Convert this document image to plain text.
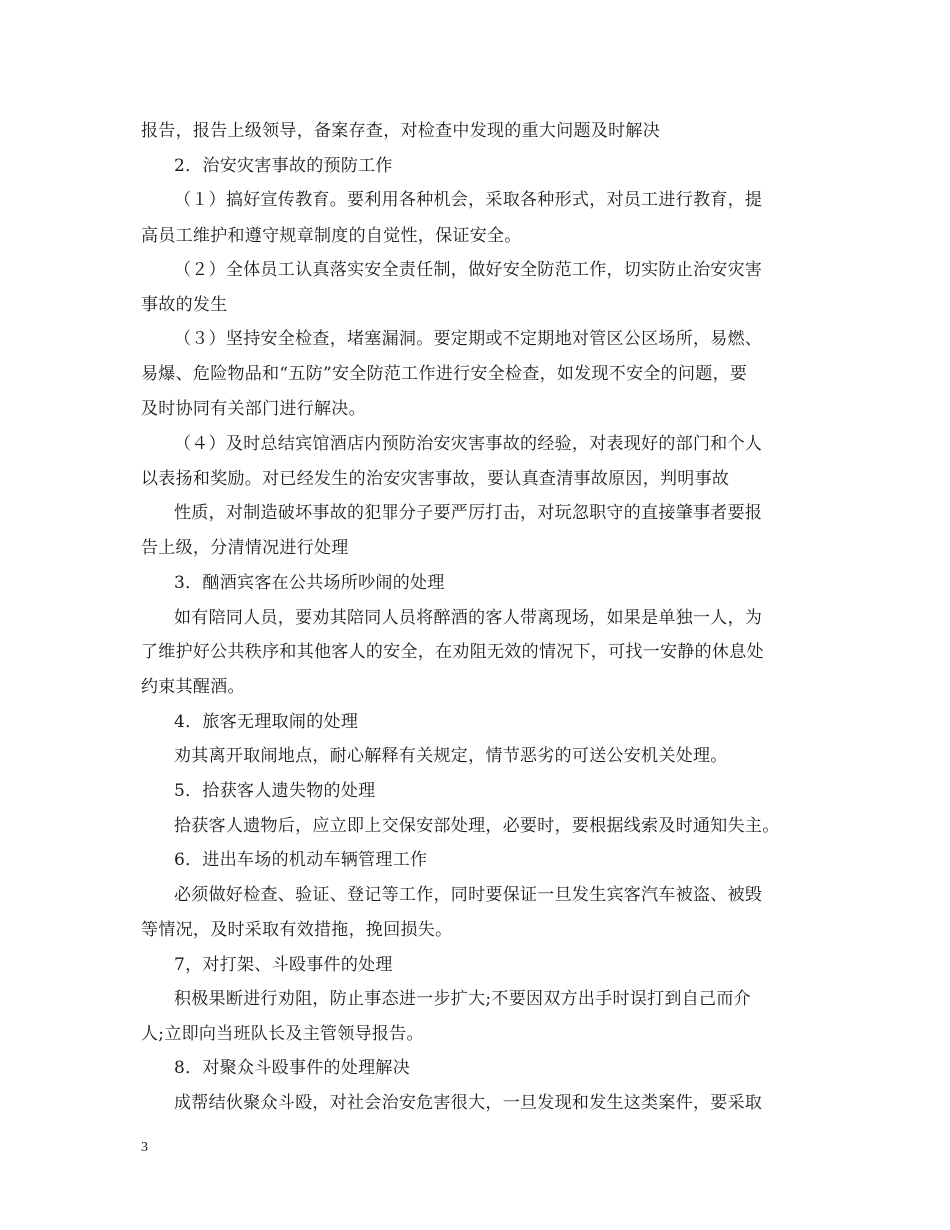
报告，报告上级领导，备案存查，对检查中发现的重大问题及时解决
2．治安灾害事故的预防工作
（１）搞好宣传教育。要利用各种机会，采取各种形式，对员工进行教育，提
高员工维护和遵守规章制度的自觉性，保证安全。
（２）全体员工认真落实安全责任制，做好安全防范工作，切实防止治安灾害
事故的发生
（３）坚持安全检查，堵塞漏洞。要定期或不定期地对管区公区场所，易燃、
易爆、危险物品和“五防”安全防范工作进行安全检查，如发现不安全的问题，要
及时协同有关部门进行解决。
（４）及时总结宾馆酒店内预防治安灾害事故的经验，对表现好的部门和个人
以表扬和奖励。对已经发生的治安灾害事故，要认真查清事故原因，判明事故
性质，对制造破坏事故的犯罪分子要严厉打击，对玩忽职守的直接肇事者要报
告上级，分清情况进行处理
3．酗酒宾客在公共场所吵闹的处理
如有陪同人员，要劝其陪同人员将醉酒的客人带离现场，如果是单独一人，为
了维护好公共秩序和其他客人的安全，在劝阻无效的情况下，可找一安静的休息处
约束其醒酒。
4．旅客无理取闹的处理
劝其离开取闹地点，耐心解释有关规定，情节恶劣的可送公安机关处理。
5．拾获客人遗失物的处理
拾获客人遗物后，应立即上交保安部处理，必要时，要根据线索及时通知失主。
6．进出车场的机动车辆管理工作
必须做好检查、验证、登记等工作，同时要保证一旦发生宾客汽车被盗、被毁
等情况，及时采取有效措拖，挽回损失。
7，对打架、斗殴事件的处理
积极果断进行劝阻，防止事态进一步扩大;不要因双方出手时误打到自己而介
人;立即向当班队长及主管领导报告。
8．对聚众斗殴事件的处理解决
成帮结伙聚众斗殴，对社会治安危害很大，一旦发现和发生这类案件，要采取
3
